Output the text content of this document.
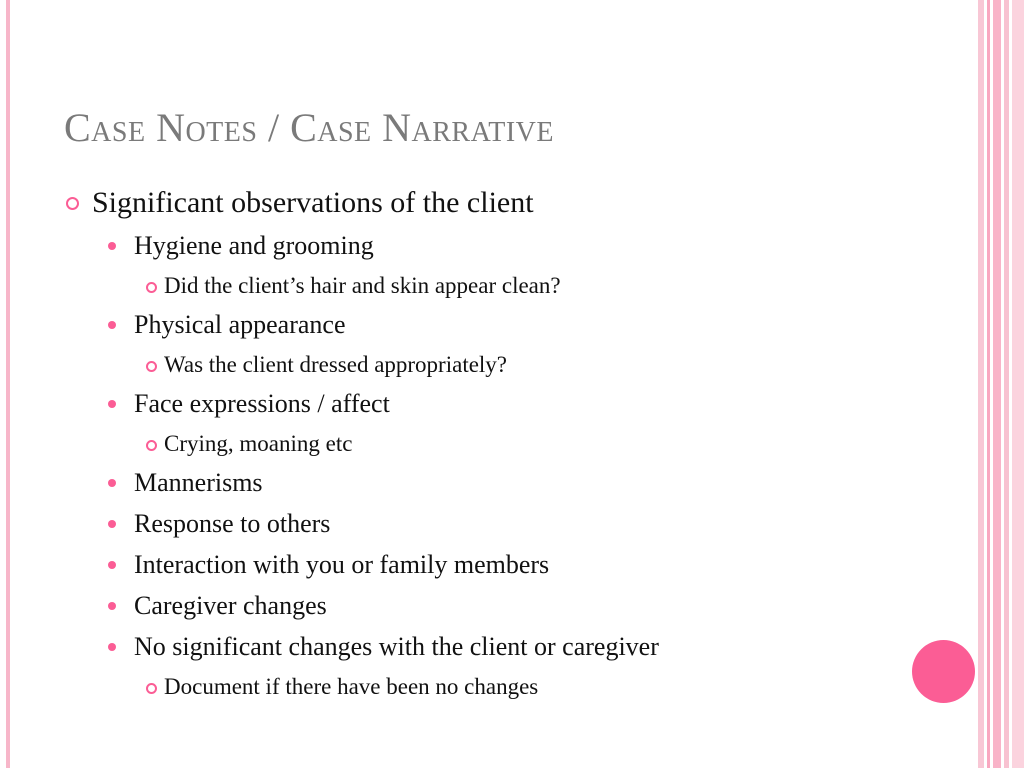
Case Notes / Case Narrative
Significant observations of the client
Hygiene and grooming
Did the client’s hair and skin appear clean?
Physical appearance
Was the client dressed appropriately?
Face expressions / affect
Crying, moaning etc
Mannerisms
Response to others
Interaction with you or family members
Caregiver changes
No significant changes with the client or caregiver
Document if there have been no changes
